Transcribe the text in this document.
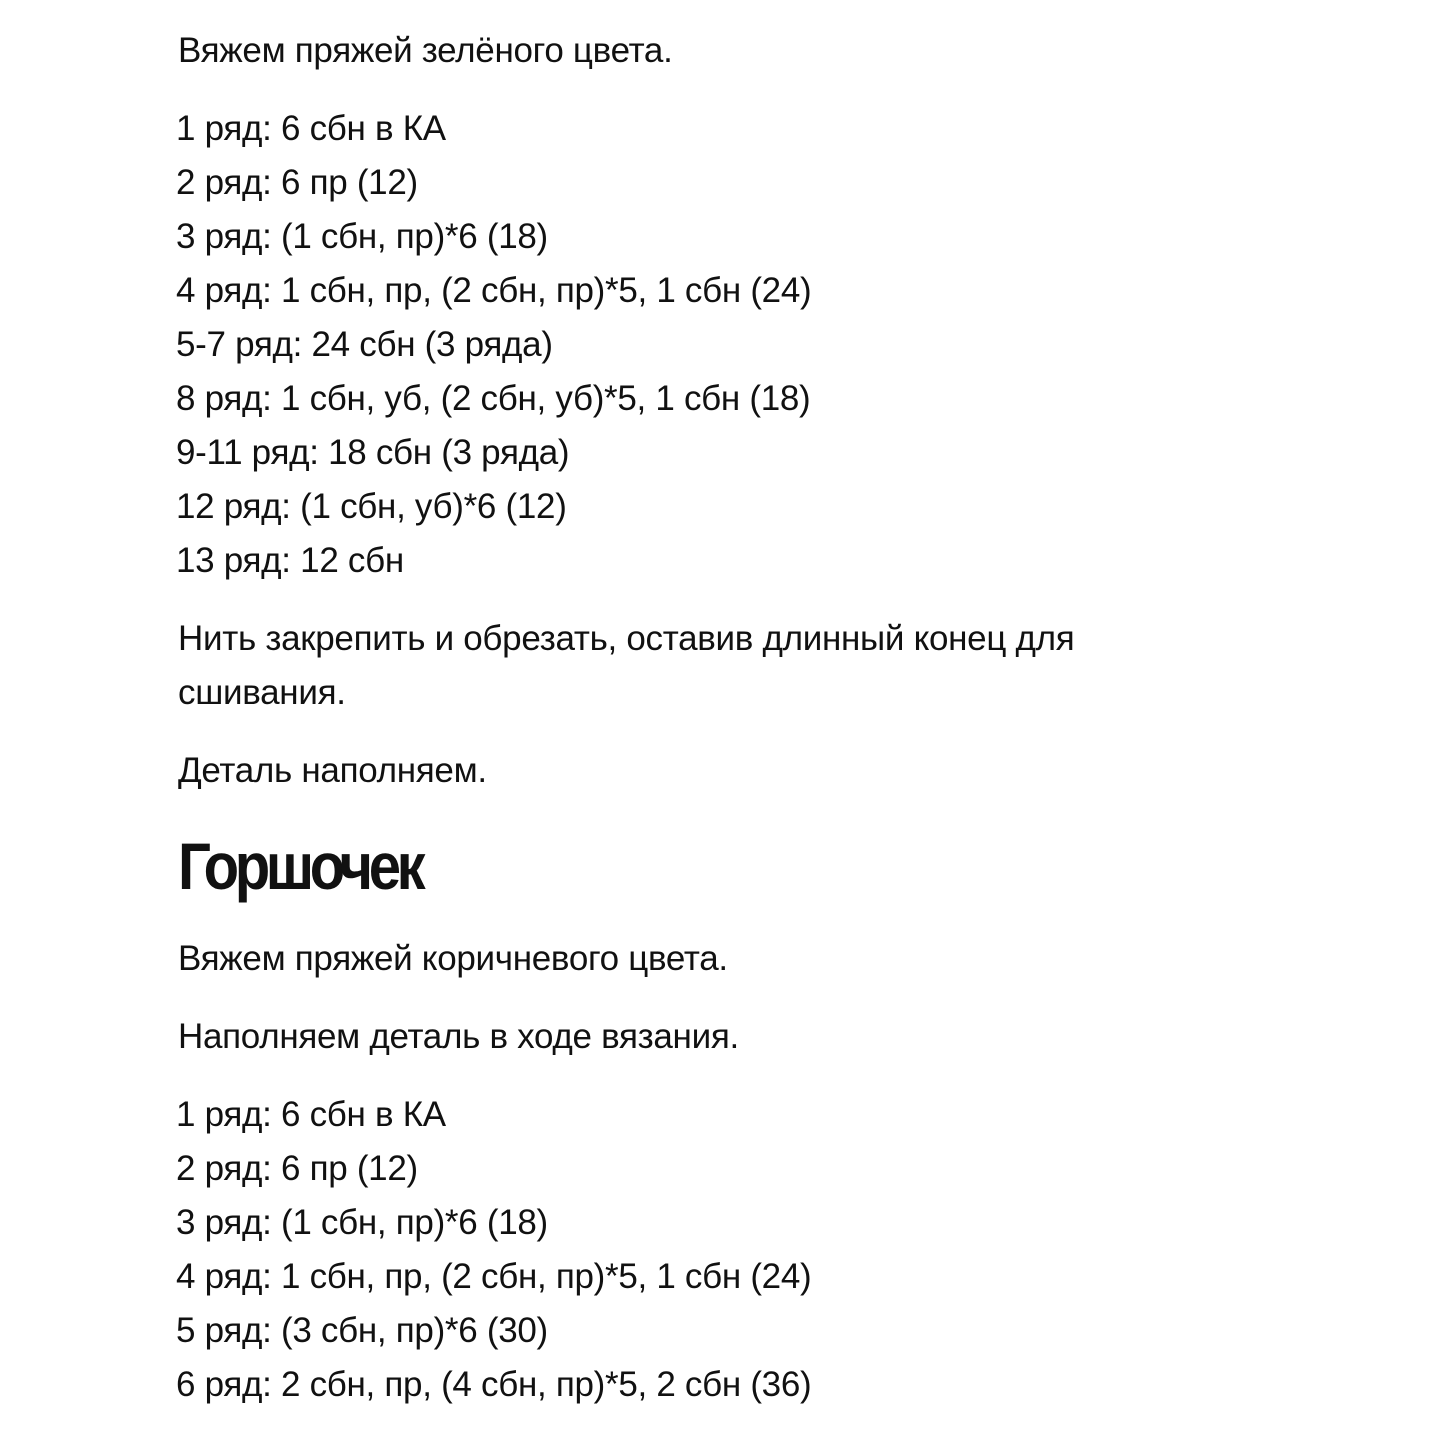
Вяжем пряжей зелёного цвета.

1 ряд: 6 сбн в КА
2 ряд: 6 пр (12)
3 ряд: (1 сбн, пр)*6 (18)
4 ряд: 1 сбн, пр, (2 сбн, пр)*5, 1 сбн (24)
5-7 ряд: 24 сбн (3 ряда)
8 ряд: 1 сбн, уб, (2 сбн, уб)*5, 1 сбн (18)
9-11 ряд: 18 сбн (3 ряда)
12 ряд: (1 сбн, уб)*6 (12)
13 ряд: 12 сбн

Нить закрепить и обрезать, оставив длинный конец для сшивания.

Деталь наполняем.

Горшочек

Вяжем пряжей коричневого цвета.

Наполняем деталь в ходе вязания.

1 ряд: 6 сбн в КА
2 ряд: 6 пр (12)
3 ряд: (1 сбн, пр)*6 (18)
4 ряд: 1 сбн, пр, (2 сбн, пр)*5, 1 сбн (24)
5 ряд: (3 сбн, пр)*6 (30)
6 ряд: 2 сбн, пр, (4 сбн, пр)*5, 2 сбн (36)
